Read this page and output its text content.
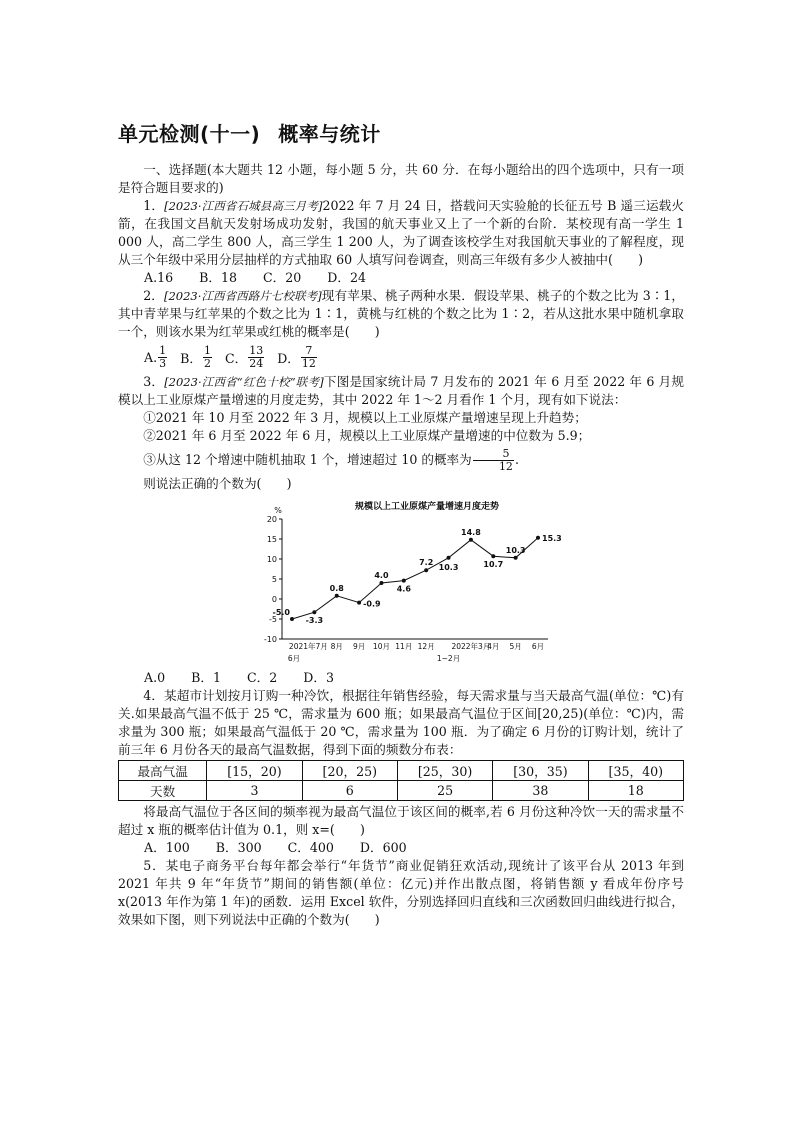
单元检测(十一) 概率与统计

一、选择题(本大题共 12 小题，每小题 5 分，共 60 分．在每小题给出的四个选项中，只有一项是符合题目要求的)

1．[2023·江西省石城县高三月考]2022 年 7 月 24 日，搭载问天实验舱的长征五号 B 遥三运载火箭，在我国文昌航天发射场成功发射，我国的航天事业又上了一个新的台阶．某校现有高一学生 1 000 人，高二学生 800 人，高三学生 1 200 人，为了调查该校学生对我国航天事业的了解程度，现从三个年级中采用分层抽样的方式抽取 60 人填写问卷调查，则高三年级有多少人被抽中(　　)

A.16 B．18 C．20 D．24

2．[2023·江西省西路片七校联考]现有苹果、桃子两种水果．假设苹果、桃子的个数之比为 3∶1，其中青苹果与红苹果的个数之比为 1∶1，黄桃与红桃的个数之比为 1∶2，若从这批水果中随机拿取一个，则该水果为红苹果或红桃的概率是(　　)

A. $\frac{1}{3}$ B． $\frac{1}{2}$ C． $\frac{13}{24}$ D． $\frac{7}{12}$

3．[2023·江西省“红色十校”联考]下图是国家统计局 7 月发布的 2021 年 6 月至 2022 年 6 月规模以上工业原煤产量增速的月度走势，其中 2022 年 1～2 月看作 1 个月，现有如下说法：

①2021 年 10 月至 2022 年 3 月，规模以上工业原煤产量增速呈现上升趋势；

②2021 年 6 月至 2022 年 6 月，规模以上工业原煤产量增速的中位数为 5.9；

③从这 12 个增速中随机抽取 1 个，增速超过 10 的概率为 $\frac{5}{12}$ .

则说法正确的个数为(　　)

规模以上工业原煤产量增速月度走势
%
20
15
10
5
0
-5
-10
-5.0
-3.3
0.8
-0.9
4.0
4.6
7.2
10.3
14.8
10.7
10.3
15.3
2021年7月 8月 9月 10月 11月 12月 2022年3月
4月 5月 6月
6月	1~2月
A.0 B．1 C．2 D．3

4．某超市计划按月订购一种冷饮，根据往年销售经验，每天需求量与当天最高气温(单位：℃)有关.如果最高气温不低于 25 ℃，需求量为 600 瓶；如果最高气温位于区间[20,25)(单位：℃)内，需求量为 300 瓶；如果最高气温低于 20 ℃，需求量为 100 瓶．为了确定 6 月份的订购计划，统计了前三年 6 月份各天的最高气温数据，得到下面的频数分布表：

最高气温	[15，20)	[20，25)	[25，30)	[30，35)	[35，40)
天数	3	6	25	38	18

将最高气温位于各区间的频率视为最高气温位于该区间的概率,若 6 月份这种冷饮一天的需求量不超过 x 瓶的概率估计值为 0.1，则 x=(　　)

A．100 B．300 C．400 D．600

5．某电子商务平台每年都会举行“年货节”商业促销狂欢活动,现统计了该平台从 2013 年到 2021 年共 9 年“年货节”期间的销售额(单位：亿元)并作出散点图，将销售额 y 看成年份序号 x(2013 年作为第 1 年)的函数．运用 Excel 软件，分别选择回归直线和三次函数回归曲线进行拟合，效果如下图，则下列说法中正确的个数为(　　)
